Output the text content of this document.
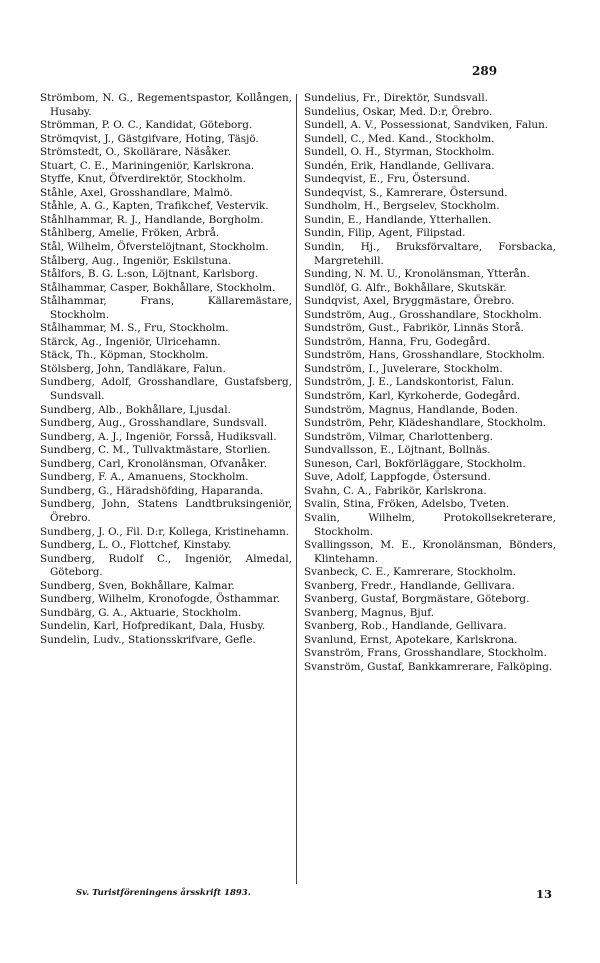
289

Strömbom, N. G., Regementspastor, Kollången, Husaby.

Strömman, P. O. C., Kandidat, Göteborg.

Strömqvist, J., Gästgifvare, Hoting, Täsjö.

Strömstedt, O., Skollärare, Näsåker.

Stuart, C. E., Mariningeniör, Karlskrona.

Styffe, Knut, Öfverdirektör, Stockholm.

Ståhle, Axel, Grosshandlare, Malmö.

Ståhle, A. G., Kapten, Trafikchef, Vestervik.

Ståhlhammar, R. J., Handlande, Borgholm.

Ståhlberg, Amelie, Fröken, Arbrå.

Stål, Wilhelm, Öfverstelöjtnant, Stockholm.

Stålberg, Aug., Ingeniör, Eskilstuna.

Stålfors, B. G. L:son, Löjtnant, Karlsborg.

Stålhammar, Casper, Bokhållare, Stockholm.

Stålhammar, Frans, Källaremästare, Stockholm.

Stålhammar, M. S., Fru, Stockholm.

Stärck, Ag., Ingeniör, Ulricehamn.

Stäck, Th., Köpman, Stockholm.

Stölsberg, John, Tandläkare, Falun.

Sundberg, Adolf, Grosshandlare, Gustafsberg, Sundsvall.

Sundberg, Alb., Bokhållare, Ljusdal.

Sundberg, Aug., Grosshandlare, Sundsvall.

Sundberg, A. J., Ingeniör, Forsså, Hudiksvall.

Sundberg, C. M., Tullvaktmästare, Storlien.

Sundberg, Carl, Kronolänsman, Ofvanåker.

Sundberg, F. A., Amanuens, Stockholm.

Sundberg, G., Häradshöfding, Haparanda.

Sundberg, John, Statens Landtbruksingeniör, Örebro.

Sundberg, J. O., Fil. D:r, Kollega, Kristinehamn.

Sundberg, L. O., Flottchef, Kinstaby.

Sundberg, Rudolf C., Ingeniör, Almedal, Göteborg.

Sundberg, Sven, Bokhållare, Kalmar.

Sundberg, Wilhelm, Kronofogde, Östhammar.

Sundbärg, G. A., Aktuarie, Stockholm.

Sundelin, Karl, Hofpredikant, Dala, Husby.

Sundelin, Ludv., Stationsskrifvare, Gefle.

Sundelius, Fr., Direktör, Sundsvall.

Sundelius, Oskar, Med. D:r, Örebro.

Sundell, A. V., Possessionat, Sandviken, Falun.

Sundell, C., Med. Kand., Stockholm.

Sundell, O. H., Styrman, Stockholm.

Sundén, Erik, Handlande, Gellivara.

Sundeqvist, E., Fru, Östersund.

Sundeqvist, S., Kamrerare, Östersund.

Sundholm, H., Bergselev, Stockholm.

Sundin, E., Handlande, Ytterhallen.

Sundin, Filip, Agent, Filipstad.

Sundin, Hj., Bruksförvaltare, Forsbacka, Margretehill.

Sunding, N. M. U., Kronolänsman, Ytterån.

Sundlöf, G. Alfr., Bokhållare, Skutskär.

Sundqvist, Axel, Bryggmästare, Örebro.

Sundström, Aug., Grosshandlare, Stockholm.

Sundström, Gust., Fabrikör, Linnäs Storå.

Sundström, Hanna, Fru, Godegård.

Sundström, Hans, Grosshandlare, Stockholm.

Sundström, I., Juvelerare, Stockholm.

Sundström, J. E., Landskontorist, Falun.

Sundström, Karl, Kyrkoherde, Godegård.

Sundström, Magnus, Handlande, Boden.

Sundström, Pehr, Klädeshandlare, Stockholm.

Sundström, Vilmar, Charlottenberg.

Sundvallsson, E., Löjtnant, Bollnäs.

Suneson, Carl, Bokförläggare, Stockholm.

Suve, Adolf, Lappfogde, Östersund.

Svahn, C. A., Fabrikör, Karlskrona.

Svalin, Stina, Fröken, Adelsbo, Tveten.

Svalin, Wilhelm, Protokollsekreterare, Stockholm.

Svallingsson, M. E., Kronolänsman, Bönders, Klintehamn.

Svanbeck, C. E., Kamrerare, Stockholm.

Svanberg, Fredr., Handlande, Gellivara.

Svanberg, Gustaf, Borgmästare, Göteborg.

Svanberg, Magnus, Bjuf.

Svanberg, Rob., Handlande, Gellivara.

Svanlund, Ernst, Apotekare, Karlskrona.

Svanström, Frans, Grosshandlare, Stockholm.

Svanström, Gustaf, Bankkamrerare, Falköping.

Sv. Turistföreningens årsskrift 1893.	13
